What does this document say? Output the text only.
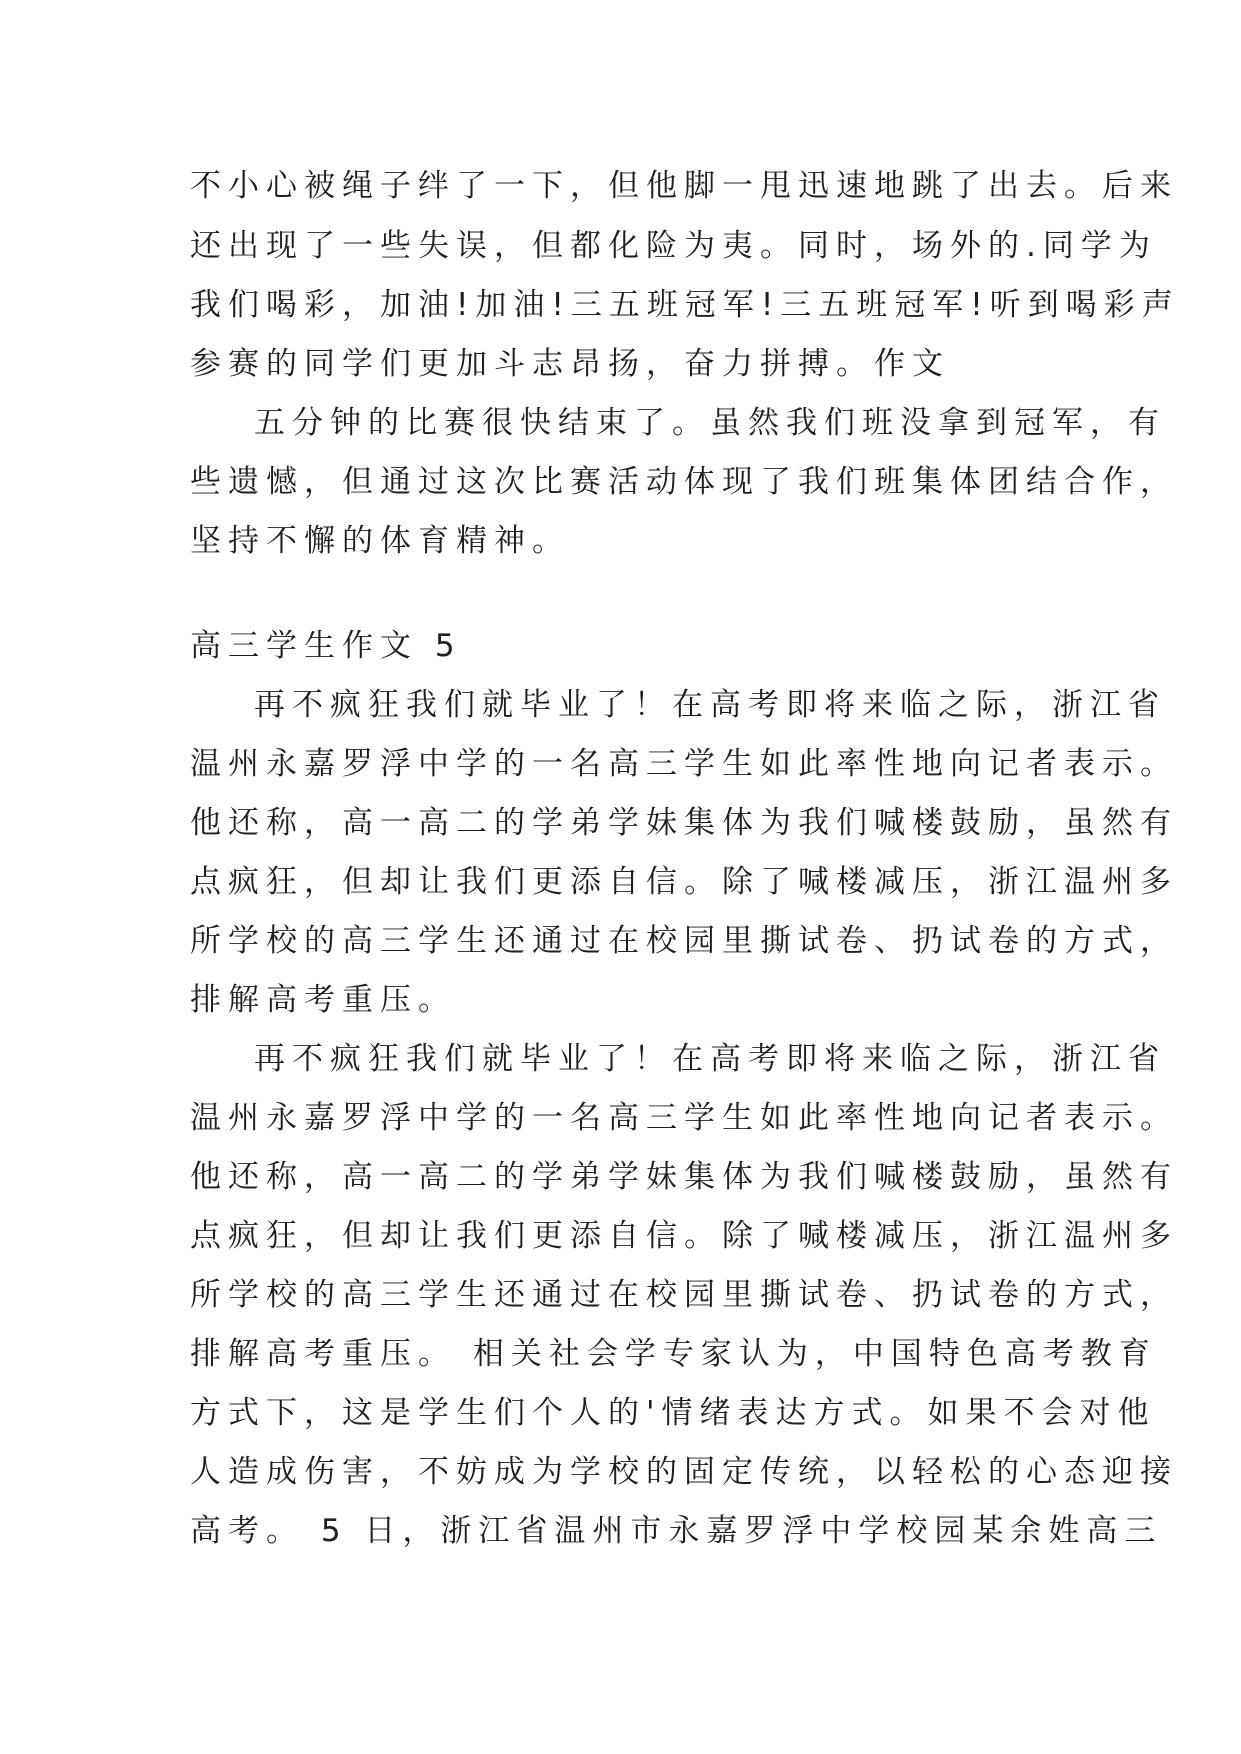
不小心被绳子绊了一下，但他脚一甩迅速地跳了出去。后来
还出现了一些失误，但都化险为夷。同时，场外的.同学为
我们喝彩，加油!加油!三五班冠军!三五班冠军!听到喝彩声
参赛的同学们更加斗志昂扬，奋力拼搏。作文
五分钟的比赛很快结束了。虽然我们班没拿到冠军，有
些遗憾，但通过这次比赛活动体现了我们班集体团结合作，
坚持不懈的体育精神。
高三学生作文 5
再不疯狂我们就毕业了！在高考即将来临之际，浙江省
温州永嘉罗浮中学的一名高三学生如此率性地向记者表示。
他还称，高一高二的学弟学妹集体为我们喊楼鼓励，虽然有
点疯狂，但却让我们更添自信。除了喊楼减压，浙江温州多
所学校的高三学生还通过在校园里撕试卷、扔试卷的方式，
排解高考重压。
再不疯狂我们就毕业了！在高考即将来临之际，浙江省
温州永嘉罗浮中学的一名高三学生如此率性地向记者表示。
他还称，高一高二的学弟学妹集体为我们喊楼鼓励，虽然有
点疯狂，但却让我们更添自信。除了喊楼减压，浙江温州多
所学校的高三学生还通过在校园里撕试卷、扔试卷的方式，
排解高考重压。 相关社会学专家认为，中国特色高考教育
方式下，这是学生们个人的'情绪表达方式。如果不会对他
人造成伤害，不妨成为学校的固定传统，以轻松的心态迎接
高考。 5 日，浙江省温州市永嘉罗浮中学校园某余姓高三
